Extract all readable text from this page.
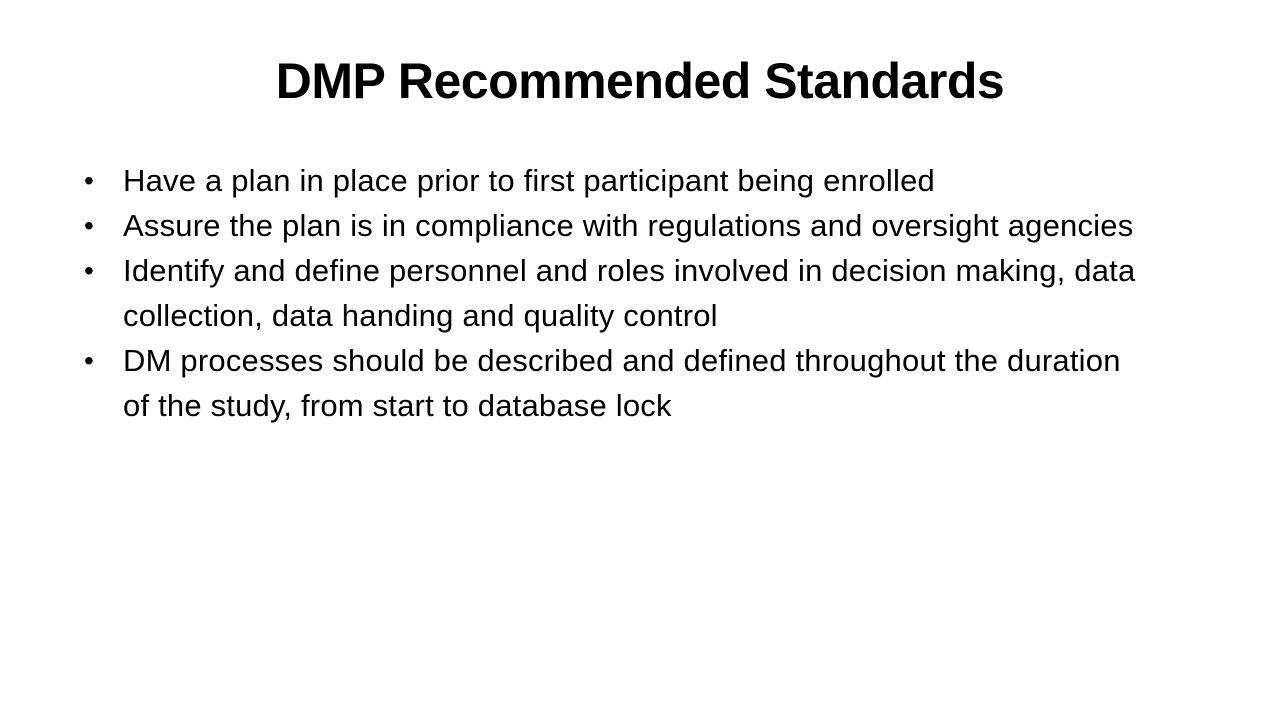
DMP Recommended Standards
• Have a plan in place prior to first participant being enrolled
• Assure the plan is in compliance with regulations and oversight agencies
• Identify and define personnel and roles involved in decision making, data collection, data handing and quality control
• DM processes should be described and defined throughout the duration of the study, from start to database lock
